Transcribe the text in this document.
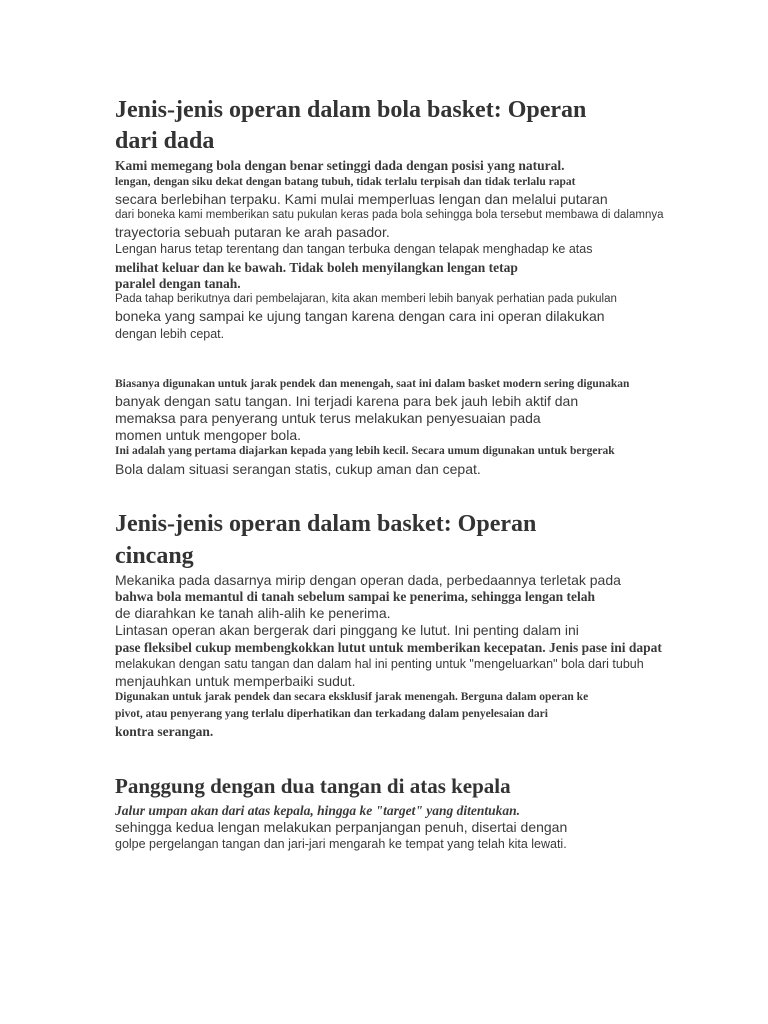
Jenis-jenis operan dalam bola basket: Operan
dari dada

Kami memegang bola dengan benar setinggi dada dengan posisi yang natural.

lengan, dengan siku dekat dengan batang tubuh, tidak terlalu terpisah dan tidak terlalu rapat

secara berlebihan terpaku. Kami mulai memperluas lengan dan melalui putaran

dari boneka kami memberikan satu pukulan keras pada bola sehingga bola tersebut membawa di dalamnya

trayectoria sebuah putaran ke arah pasador.

Lengan harus tetap terentang dan tangan terbuka dengan telapak menghadap ke atas

melihat keluar dan ke bawah. Tidak boleh menyilangkan lengan tetap

paralel dengan tanah.

Pada tahap berikutnya dari pembelajaran, kita akan memberi lebih banyak perhatian pada pukulan

boneka yang sampai ke ujung tangan karena dengan cara ini operan dilakukan

dengan lebih cepat.

Biasanya digunakan untuk jarak pendek dan menengah, saat ini dalam basket modern sering digunakan

banyak dengan satu tangan. Ini terjadi karena para bek jauh lebih aktif dan

memaksa para penyerang untuk terus melakukan penyesuaian pada

momen untuk mengoper bola.

Ini adalah yang pertama diajarkan kepada yang lebih kecil. Secara umum digunakan untuk bergerak

Bola dalam situasi serangan statis, cukup aman dan cepat.

Jenis-jenis operan dalam basket: Operan
cincang

Mekanika pada dasarnya mirip dengan operan dada, perbedaannya terletak pada

bahwa bola memantul di tanah sebelum sampai ke penerima, sehingga lengan telah

de diarahkan ke tanah alih-alih ke penerima.

Lintasan operan akan bergerak dari pinggang ke lutut. Ini penting dalam ini

pase fleksibel cukup membengkokkan lutut untuk memberikan kecepatan. Jenis pase ini dapat

melakukan dengan satu tangan dan dalam hal ini penting untuk "mengeluarkan" bola dari tubuh

menjauhkan untuk memperbaiki sudut.

Digunakan untuk jarak pendek dan secara eksklusif jarak menengah. Berguna dalam operan ke

pivot, atau penyerang yang terlalu diperhatikan dan terkadang dalam penyelesaian dari

kontra serangan.

Panggung dengan dua tangan di atas kepala

Jalur umpan akan dari atas kepala, hingga ke "target" yang ditentukan.

sehingga kedua lengan melakukan perpanjangan penuh, disertai dengan

golpe pergelangan tangan dan jari-jari mengarah ke tempat yang telah kita lewati.
